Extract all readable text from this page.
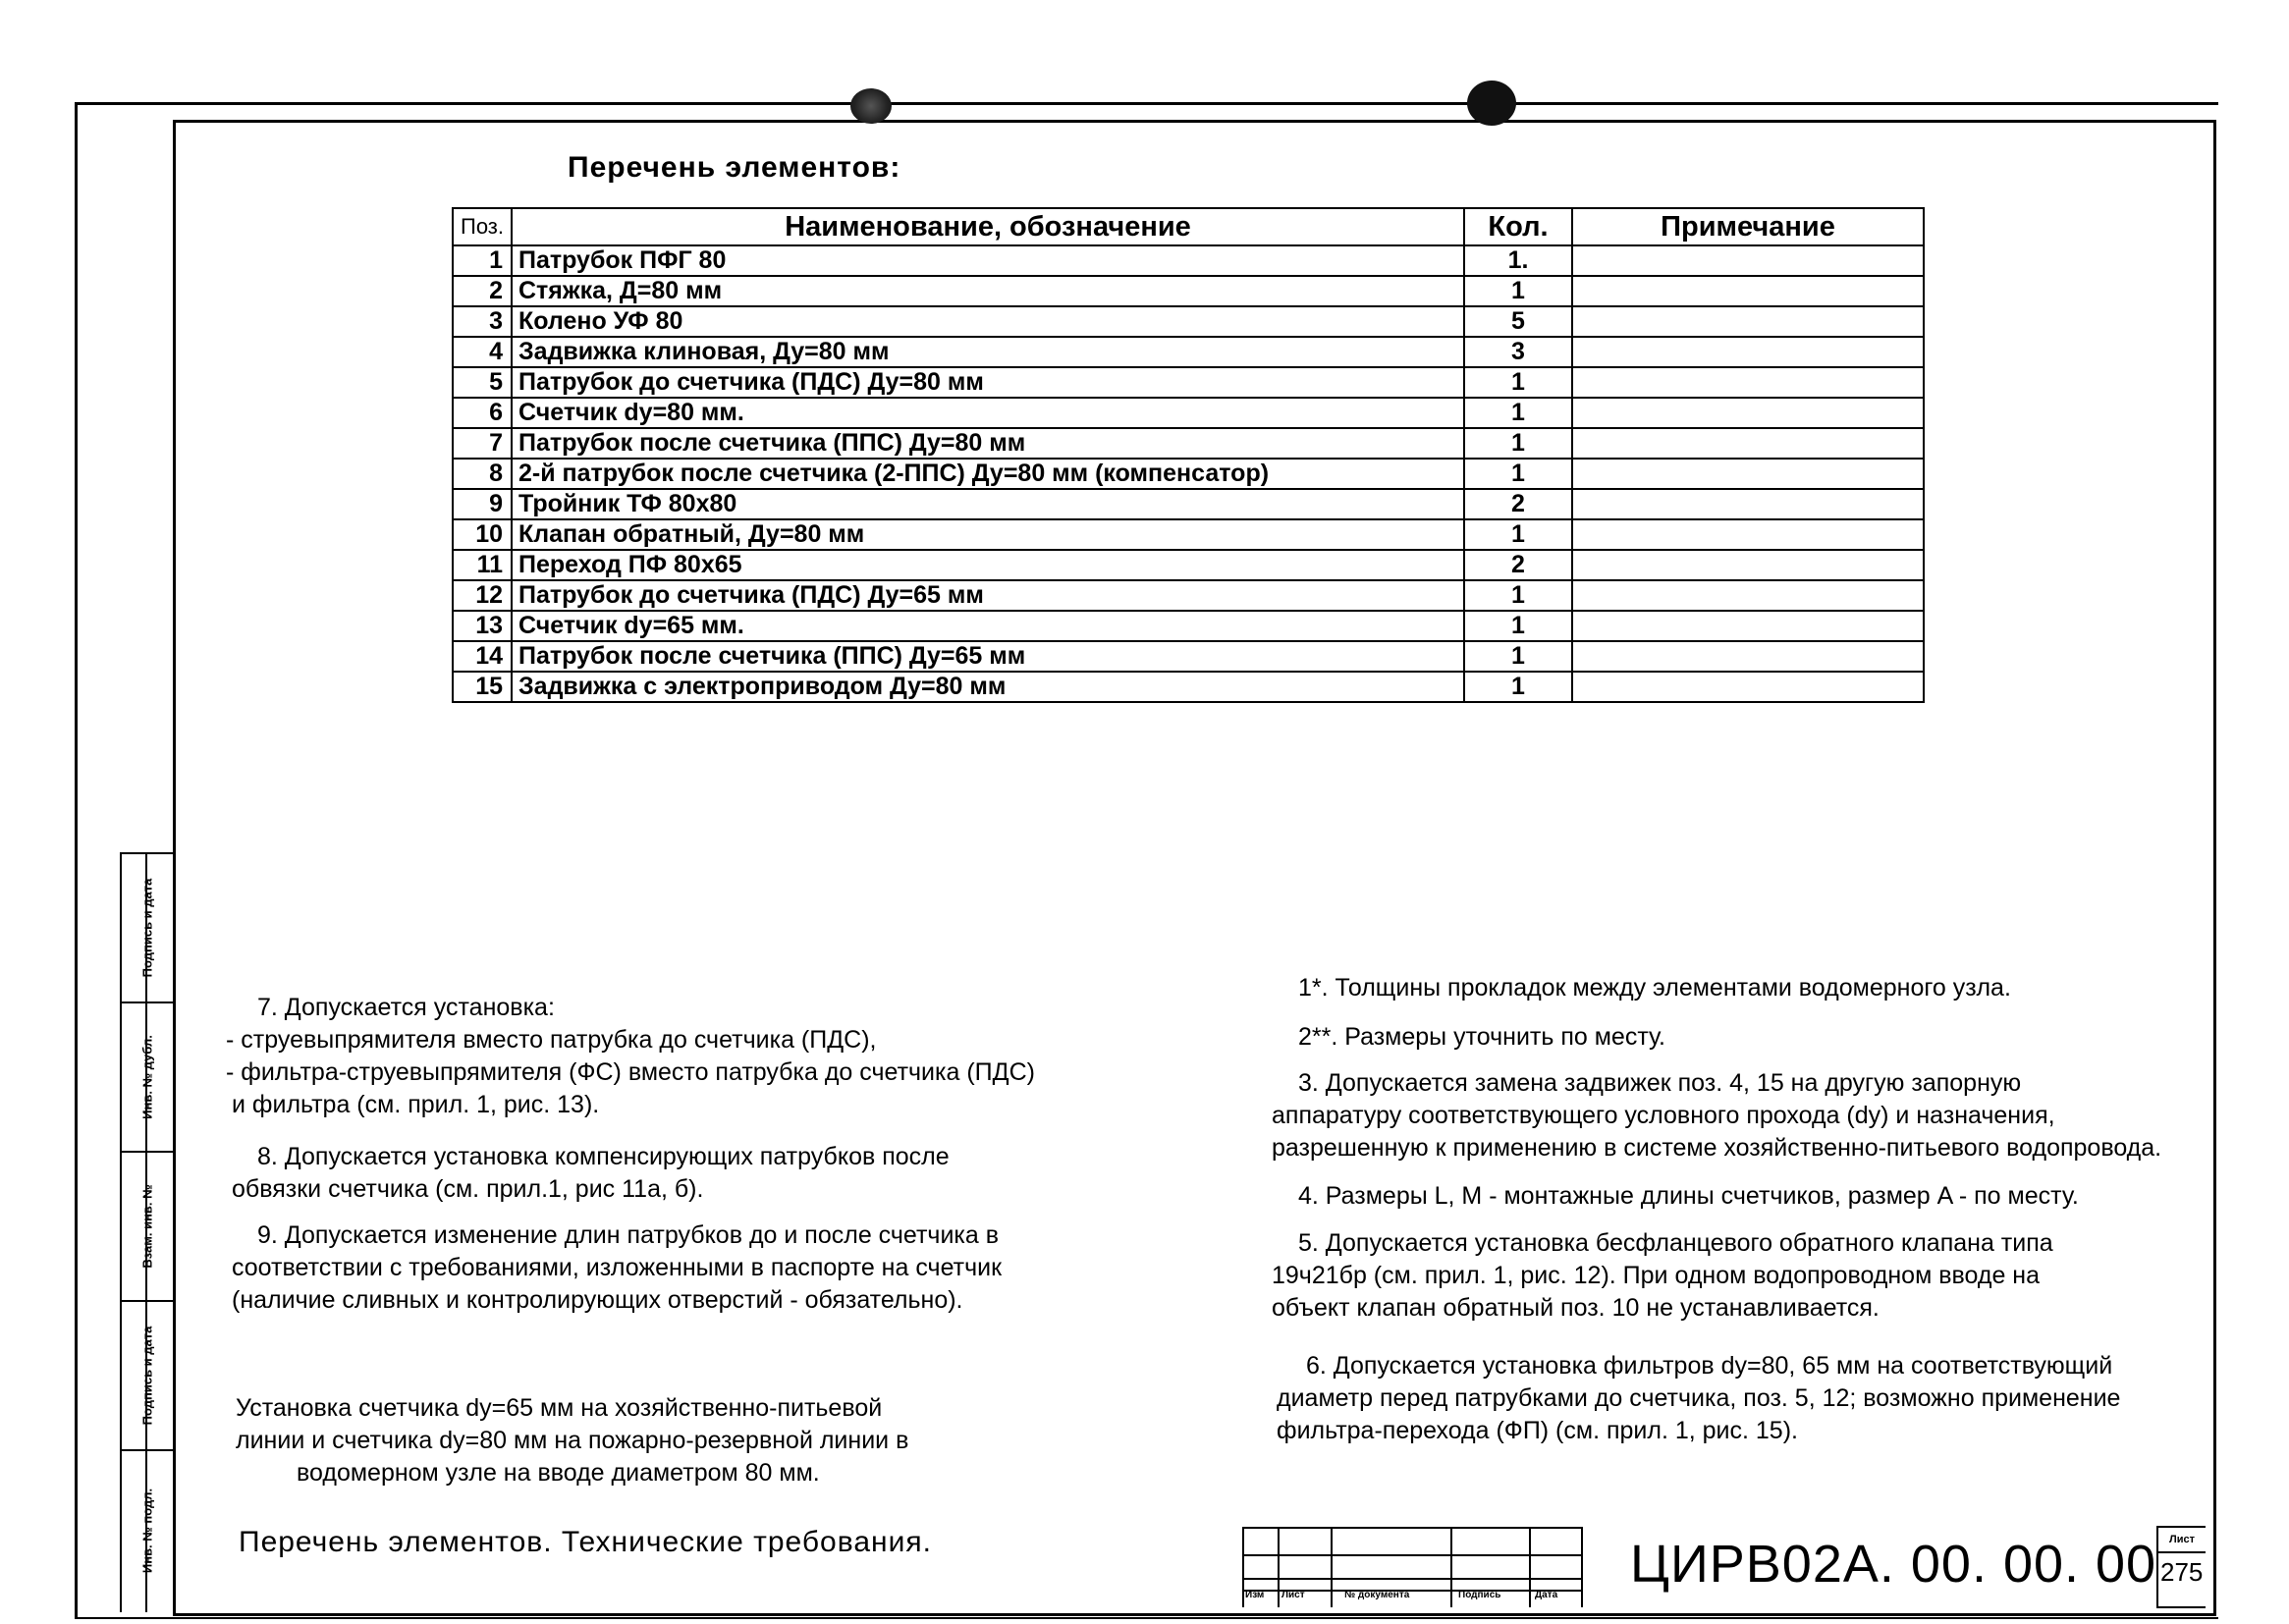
Перечень элементов:
Поз.	Наименование, обозначение	Кол.	Примечание
1	Патрубок ПФГ 80	1.	
2	Стяжка, Д=80 мм	1	
3	Колено УФ 80	5	
4	Задвижка клиновая, Ду=80 мм	3	
5	Патрубок до счетчика (ПДС) Ду=80 мм	1	
6	Счетчик dy=80 мм.	1	
7	Патрубок после счетчика (ППС) Ду=80 мм	1	
8	2-й патрубок после счетчика (2-ППС) Ду=80 мм (компенсатор)	1	
9	Тройник ТФ 80х80	2	
10	Клапан обратный, Ду=80 мм	1	
11	Переход ПФ 80х65	2	
12	Патрубок до счетчика (ПДС) Ду=65 мм	1	
13	Счетчик dy=65 мм.	1	
14	Патрубок после счетчика (ППС) Ду=65 мм	1	
15	Задвижка с электроприводом Ду=80 мм	1	
Подпись и дата
Инв. № дубл.
Взам. инв. №
Подпись и дата
Инв. № подл.
7. Допускается установка:
- струевыпрямителя вместо патрубка до счетчика (ПДС),
- фильтра-струевыпрямителя (ФС) вместо патрубка до счетчика (ПДС)
и фильтра (см. прил. 1, рис. 13).
8. Допускается установка компенсирующих патрубков после
обвязки счетчика (см. прил.1, рис 11а, б).
9. Допускается изменение длин патрубков до и после счетчика в
соответствии с требованиями, изложенными в паспорте на счетчик
(наличие сливных и контролирующих отверстий - обязательно).
Установка счетчика dy=65 мм на хозяйственно-питьевой
линии и счетчика dy=80 мм на пожарно-резервной линии в
водомерном узле на вводе диаметром 80 мм.
1*. Толщины прокладок между элементами водомерного узла.
2**. Размеры уточнить по месту.
3. Допускается замена задвижек поз. 4, 15 на другую запорную
аппаратуру соответствующего условного прохода (dy) и назначения,
разрешенную к применению в системе хозяйственно-питьевого водопровода.
4. Размеры L, M - монтажные длины счетчиков, размер A - по месту.
5. Допускается установка бесфланцевого обратного клапана типа
19ч21бр (см. прил. 1, рис. 12). При одном водопроводном вводе на
объект клапан обратный поз. 10 не устанавливается.
6. Допускается установка фильтров dy=80, 65 мм на соответствующий
диаметр перед патрубками до счетчика, поз. 5, 12; возможно применение
фильтра-перехода (ФП) (см. прил. 1, рис. 15).
Перечень элементов. Технические требования.
Изм Лист	№ документа	Подпись	Дата
ЦИРВ02А. 00. 00. 00	Лист
275
